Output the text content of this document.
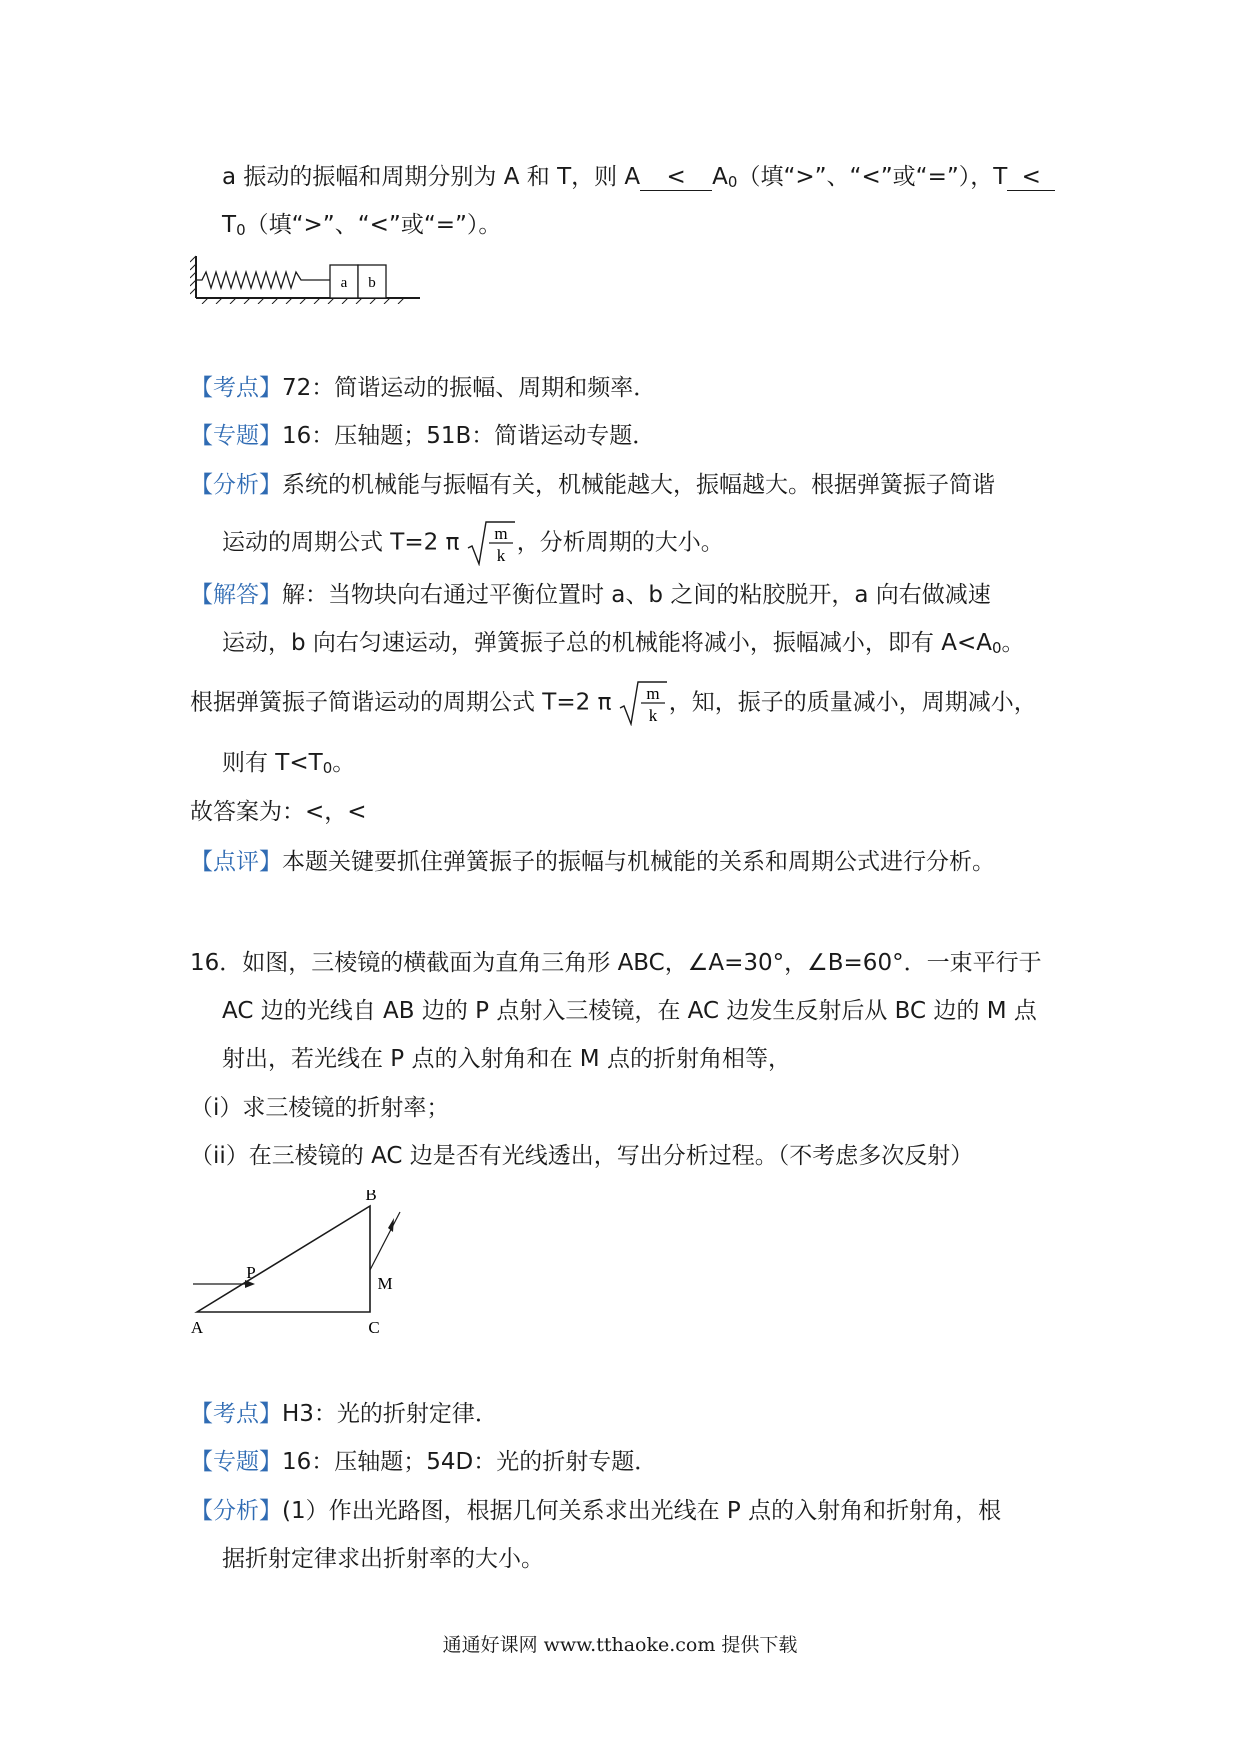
a 振动的振幅和周期分别为 A 和 T，则 $A < A_0$（填“>”、“<”或“=”），T <
$T_0$（填“>”、“<”或“=”）。
a b
【考点】72：简谐运动的振幅、周期和频率．
【专题】16：压轴题；51B：简谐运动专题．
【分析】系统的机械能与振幅有关，机械能越大，振幅越大。根据弹簧振子简谐
运动的周期公式 T=2 π m
k ，分析周期的大小。
【解答】解：当物块向右通过平衡位置时 a、b 之间的粘胶脱开，a 向右做减速
运动，b 向右匀速运动，弹簧振子总的机械能将减小，振幅减小，即有 $A<A_0$。
根据弹簧振子简谐运动的周期公式 T=2 π m
k ，知，振子的质量减小，周期减小，
则有 $T<T_0$。
故答案为：<，<
【点评】本题关键要抓住弹簧振子的振幅与机械能的关系和周期公式进行分析。
16．如图，三棱镜的横截面为直角三角形 ABC，∠A=30°，∠B=60°．一束平行于
AC 边的光线自 AB 边的 P 点射入三棱镜，在 AC 边发生反射后从 BC 边的 M 点
射出，若光线在 P 点的入射角和在 M 点的折射角相等，
（i）求三棱镜的折射率；
（ii）在三棱镜的 AC 边是否有光线透出，写出分析过程。（不考虑多次反射）
A
B
C
P
M
【考点】H3：光的折射定律．
【专题】16：压轴题；54D：光的折射专题．
【分析】(1）作出光路图，根据几何关系求出光线在 P 点的入射角和折射角，根
据折射定律求出折射率的大小。
通通好课网 www.tthaoke.com 提供下载
